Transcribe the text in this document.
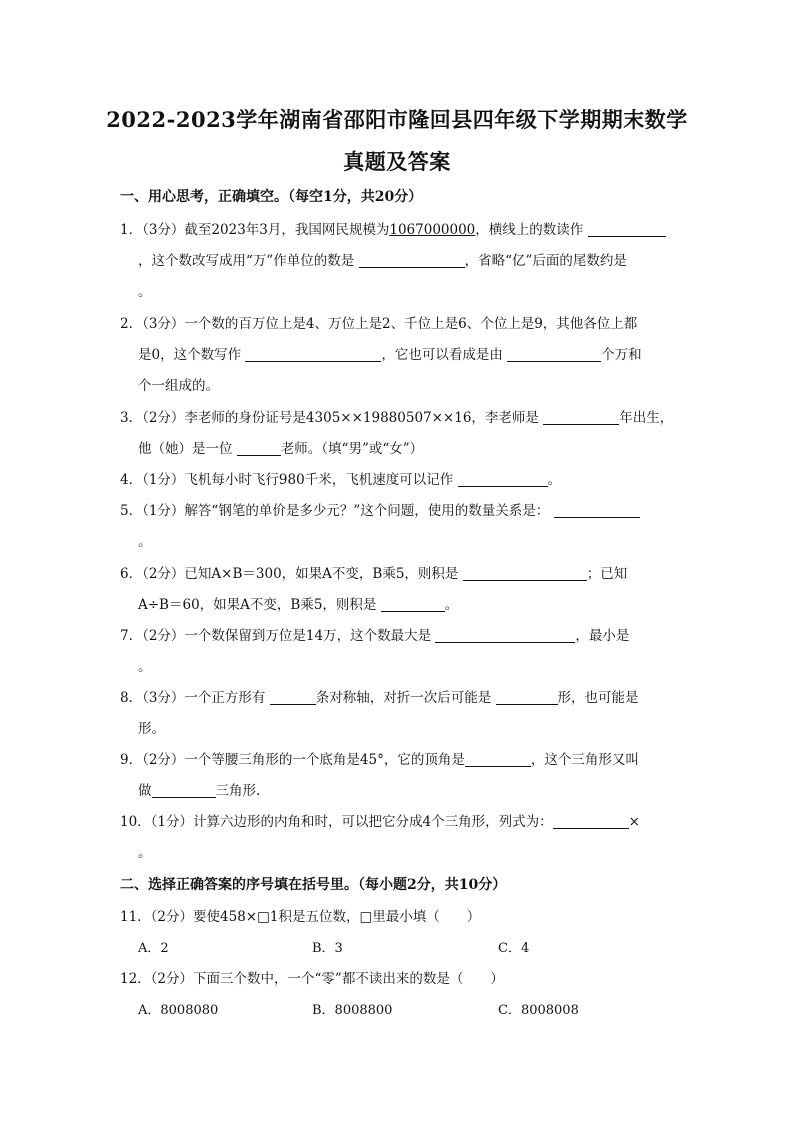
2022-2023学年湖南省邵阳市隆回县四年级下学期期末数学
真题及答案
一、用心思考，正确填空。（每空1分，共20分）
1．（3分）截至2023年3月，我国网民规模为1067000000，横线上的数读作
，这个数改写成用“万”作单位的数是	，省略“亿”后面的尾数约是
。
2．（3分）一个数的百万位上是4、万位上是2、千位上是6、个位上是9，其他各位上都
是0，这个数写作	，它也可以看成是由	个万和
个一组成的。
3．（2分）李老师的身份证号是4305××19880507××16，李老师是	年出生，
他（她）是一位	老师。（填“男”或“女”）
4．（1分）飞机每小时飞行980千米，飞机速度可以记作	。
5．（1分）解答“钢笔的单价是多少元？”这个问题，使用的数量关系是：
。
6．（2分）已知A×B＝300，如果A不变，B乘5，则积是	；已知
A÷B＝60，如果A不变，B乘5，则积是	。
7．（2分）一个数保留到万位是14万，这个数最大是	，最小是
。
8．（3分）一个正方形有	条对称轴，对折一次后可能是	形，也可能是
形。
9．（2分）一个等腰三角形的一个底角是45°，它的顶角是	，这个三角形又叫
做	三角形.
10．（1分）计算六边形的内角和时，可以把它分成4个三角形，列式为：	×
。
二、选择正确答案的序号填在括号里。（每小题2分，共10分）
11．（2分）要使458×□1积是五位数，□里最小填（　　）
A．2	B．3	C．4
12．（2分）下面三个数中，一个“零”都不读出来的数是（　　）
A．8008080	B．8008800	C．8008008
